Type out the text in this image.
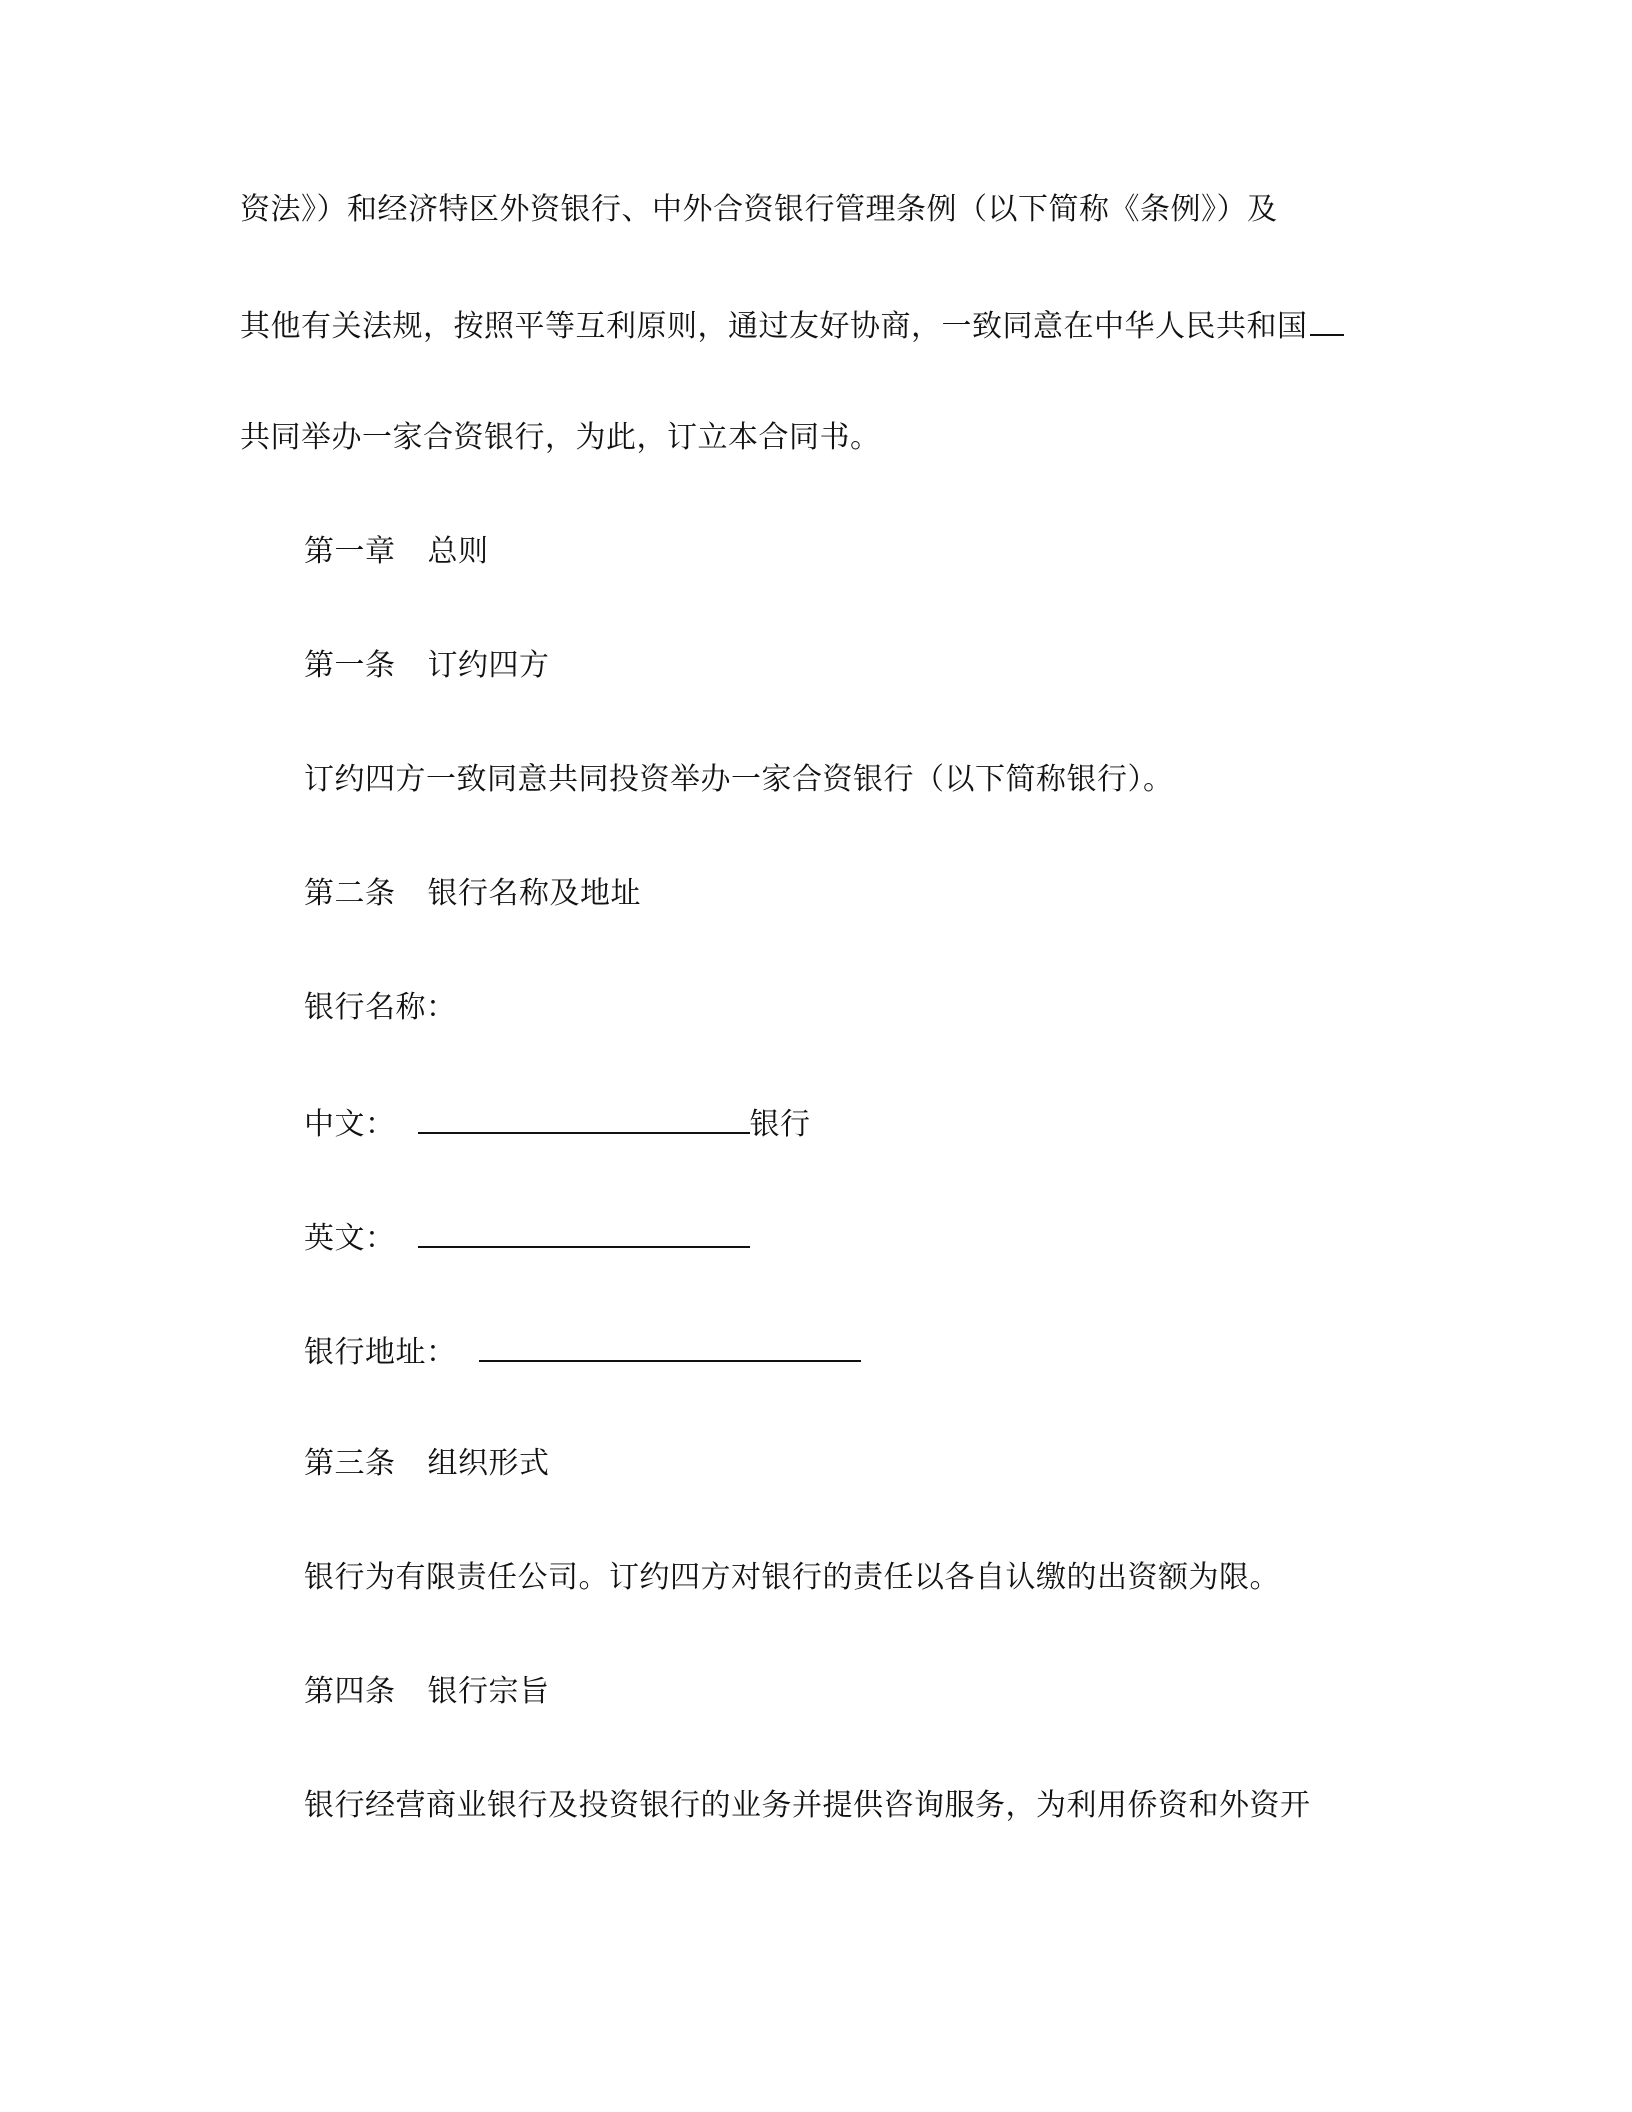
资法》）和经济特区外资银行、中外合资银行管理条例（以下简称《条例》）及
其他有关法规，按照平等互利原则，通过友好协商，一致同意在中华人民共和国
共同举办一家合资银行，为此，订立本合同书。
第一章 总则
第一条 订约四方
订约四方一致同意共同投资举办一家合资银行（以下简称银行）。
第二条 银行名称及地址
银行名称：
中文：	银行
英文：
银行地址：
第三条 组织形式
银行为有限责任公司。订约四方对银行的责任以各自认缴的出资额为限。
第四条 银行宗旨
银行经营商业银行及投资银行的业务并提供咨询服务，为利用侨资和外资开
